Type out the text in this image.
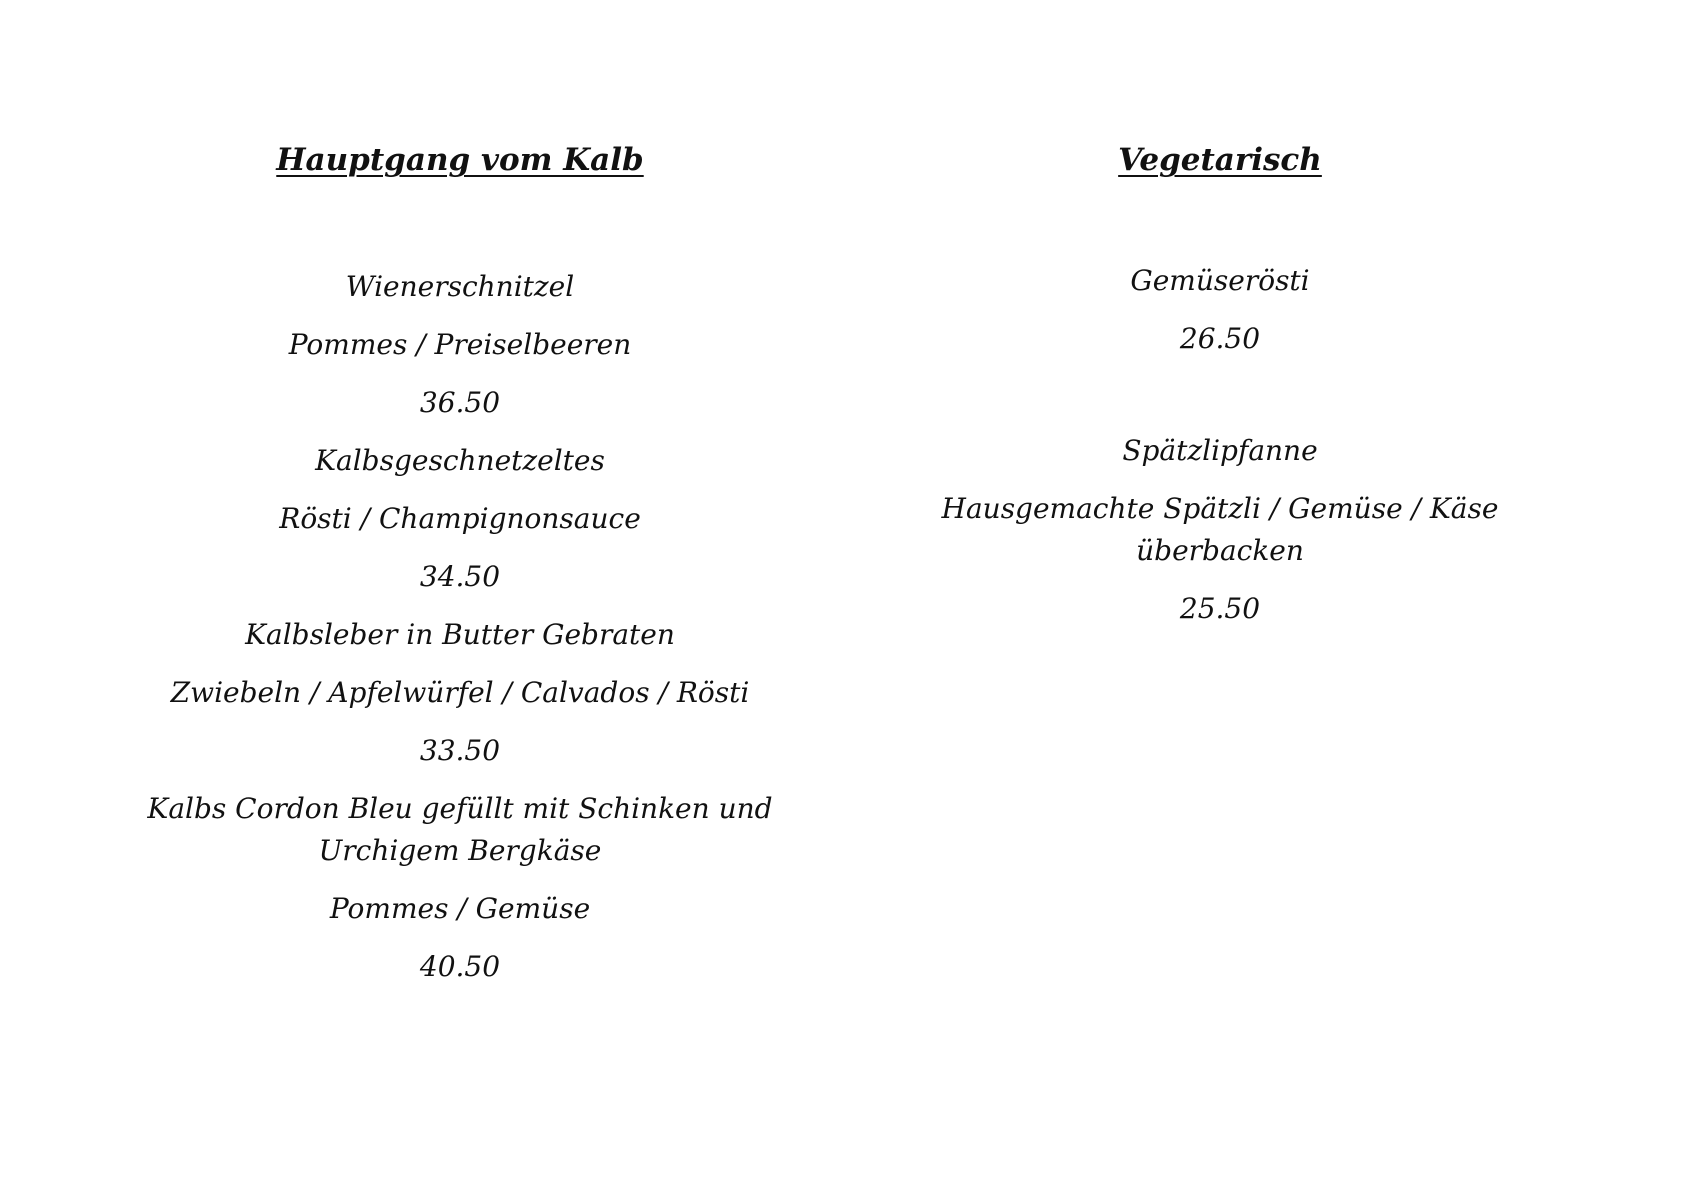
Hauptgang vom Kalb

Wienerschnitzel

Pommes / Preiselbeeren

36.50

Kalbsgeschnetzeltes

Rösti / Champignonsauce

34.50

Kalbsleber in Butter Gebraten

Zwiebeln / Apfelwürfel / Calvados / Rösti

33.50

Kalbs Cordon Bleu gefüllt mit Schinken und Urchigem Bergkäse

Pommes / Gemüse

40.50

Vegetarisch

Gemüserösti

26.50

Spätzlipfanne

Hausgemachte Spätzli / Gemüse / Käse überbacken

25.50
